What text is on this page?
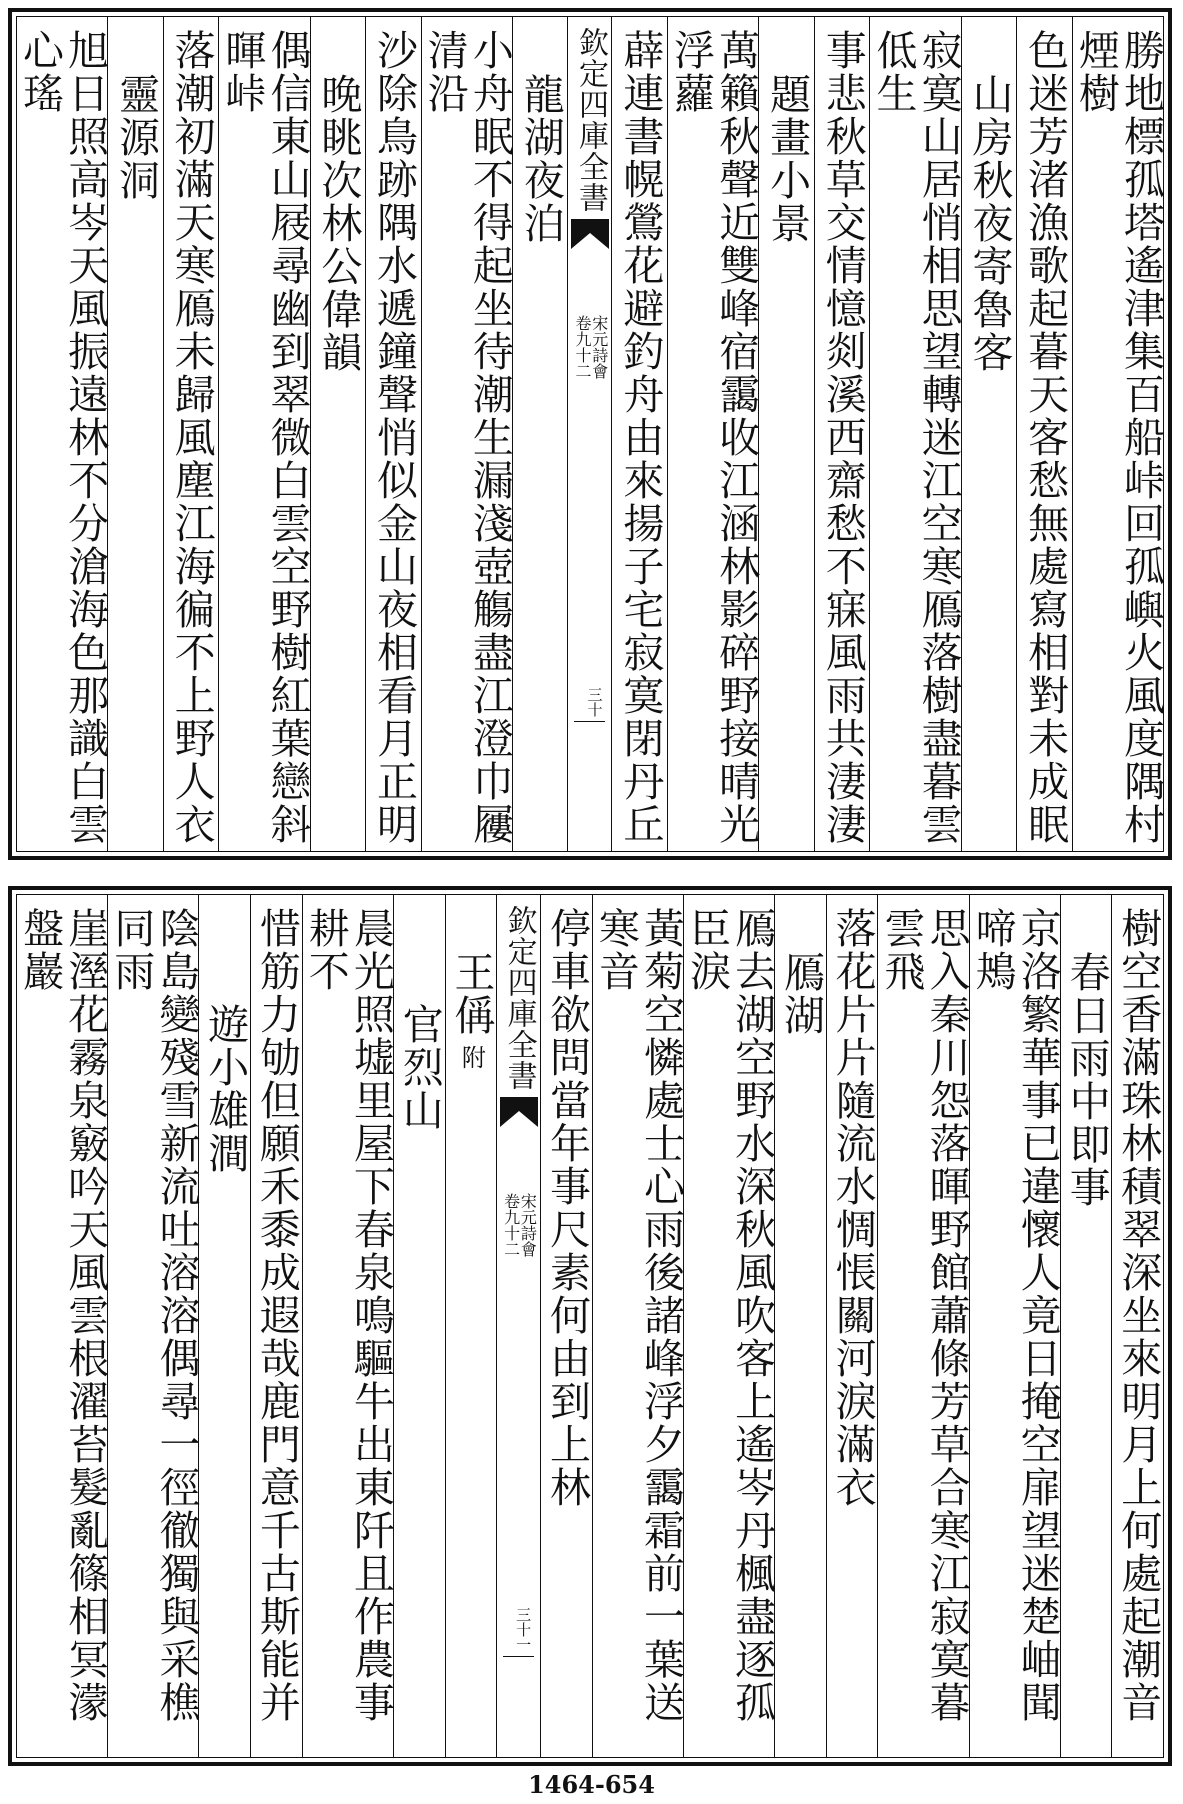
勝地標孤塔遙津集百船峠回孤嶼火風度隅村煙樹
色迷芳渚漁歌起暮天客愁無處寫相對未成眠
山房秋夜寄魯客
寂寞山居悄相思望轉迷江空寒鴈落樹盡暮雲低生
事悲秋草交情憶剡溪西齋愁不寐風雨共淒淒
題畫小景
萬籟秋聲近雙峰宿靄收江涵林影碎野接晴光浮蘿
薜連書幌鶯花避釣舟由來揚子宅寂寞閉丹丘
欽定四庫全書
宋元詩會
卷九十二
三十
龍湖夜泊
小舟眠不得起坐待潮生漏淺壺觴盡江澄巾屨清沿
沙除鳥跡隅水遞鐘聲悄似金山夜相看月正明
晚眺次林公偉韻
偶信東山屐尋幽到翠微白雲空野樹紅葉戀斜暉峠
落潮初滿天寒鴈未歸風塵江海徧不上野人衣
靈源洞
旭日照高岑天風振遠林不分滄海色那識白雲心瑤
樹空香滿珠林積翠深坐來明月上何處起潮音
春日雨中即事
京洛繁華事已違懷人竟日掩空扉望迷楚岫聞啼鴂
思入秦川怨落暉野館蕭條芳草合寒江寂寞暮雲飛
落花片片隨流水惆悵關河淚滿衣
鴈湖
鴈去湖空野水深秋風吹客上遙岑丹楓盡逐孤臣淚
黃菊空憐處士心雨後諸峰浮夕靄霜前一葉送寒音
停車欲問當年事尺素何由到上林
欽定四庫全書
宋元詩會
卷九十二
三十一
王偁附
官烈山
晨光照墟里屋下春泉鳴驅牛出東阡且作農事耕不
惜筋力劬但願禾黍成遐哉鹿門意千古斯能并
遊小雄澗
陰島變殘雪新流吐溶溶偶尋一徑徹獨與采樵同雨
崖溼花霧泉竅吟天風雲根濯苔髮亂篠相冥濛盤巖
1464-654
